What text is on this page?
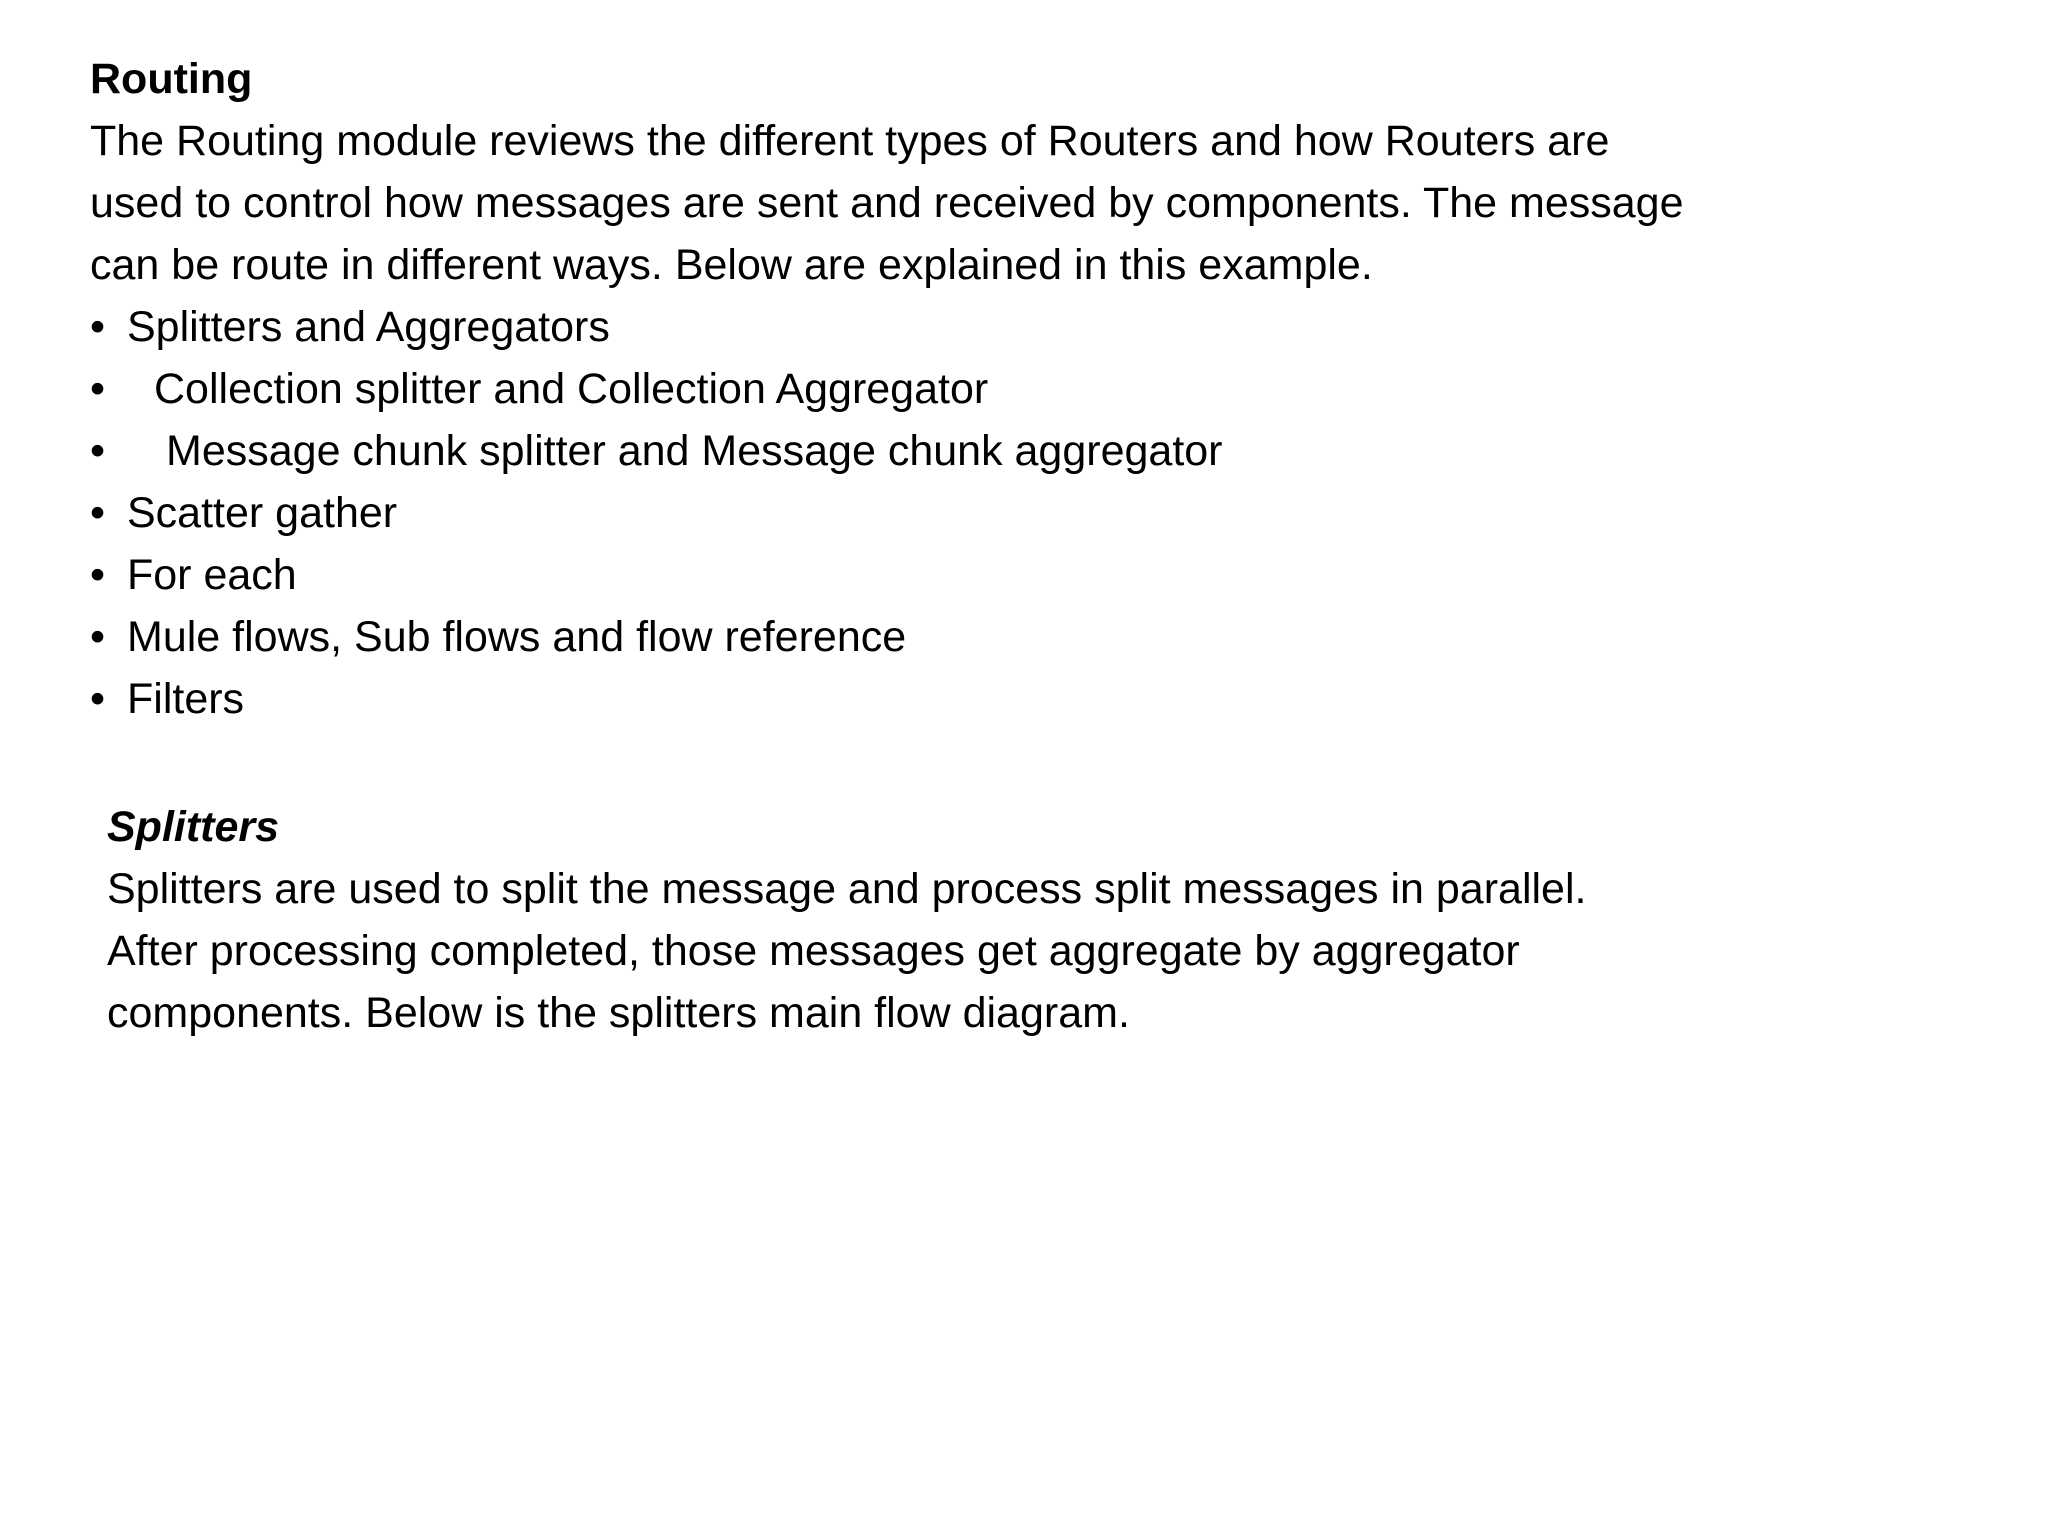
Routing
The Routing module reviews the different types of Routers and how Routers are
used to control how messages are sent and received by components. The message
can be route in different ways. Below are explained in this example.
• Splitters and Aggregators
• Collection splitter and Collection Aggregator
• Message chunk splitter and Message chunk aggregator
• Scatter gather
• For each
• Mule flows, Sub flows and flow reference
• Filters
Splitters
Splitters are used to split the message and process split messages in parallel.
After processing completed, those messages get aggregate by aggregator
components. Below is the splitters main flow diagram.
